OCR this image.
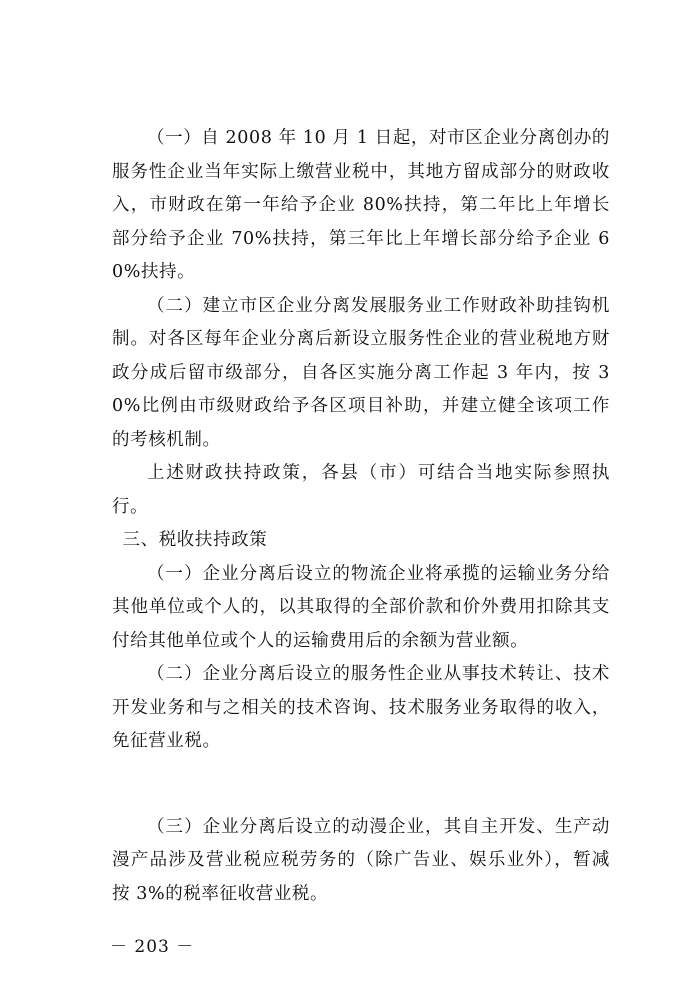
（一）自 2008 年 10 月 1 日起，对市区企业分离创办的服务性企业当年实际上缴营业税中，其地方留成部分的财政收入，市财政在第一年给予企业 80%扶持，第二年比上年增长部分给予企业 70%扶持，第三年比上年增长部分给予企业 60%扶持。

（二）建立市区企业分离发展服务业工作财政补助挂钩机制。对各区每年企业分离后新设立服务性企业的营业税地方财政分成后留市级部分，自各区实施分离工作起 3 年内，按 30%比例由市级财政给予各区项目补助，并建立健全该项工作的考核机制。

上述财政扶持政策，各县（市）可结合当地实际参照执行。

三、税收扶持政策

（一）企业分离后设立的物流企业将承揽的运输业务分给其他单位或个人的，以其取得的全部价款和价外费用扣除其支付给其他单位或个人的运输费用后的余额为营业额。

（二）企业分离后设立的服务性企业从事技术转让、技术开发业务和与之相关的技术咨询、技术服务业务取得的收入，免征营业税。

（三）企业分离后设立的动漫企业，其自主开发、生产动漫产品涉及营业税应税劳务的（除广告业、娱乐业外），暂减按 3%的税率征收营业税。

－ 203 －
